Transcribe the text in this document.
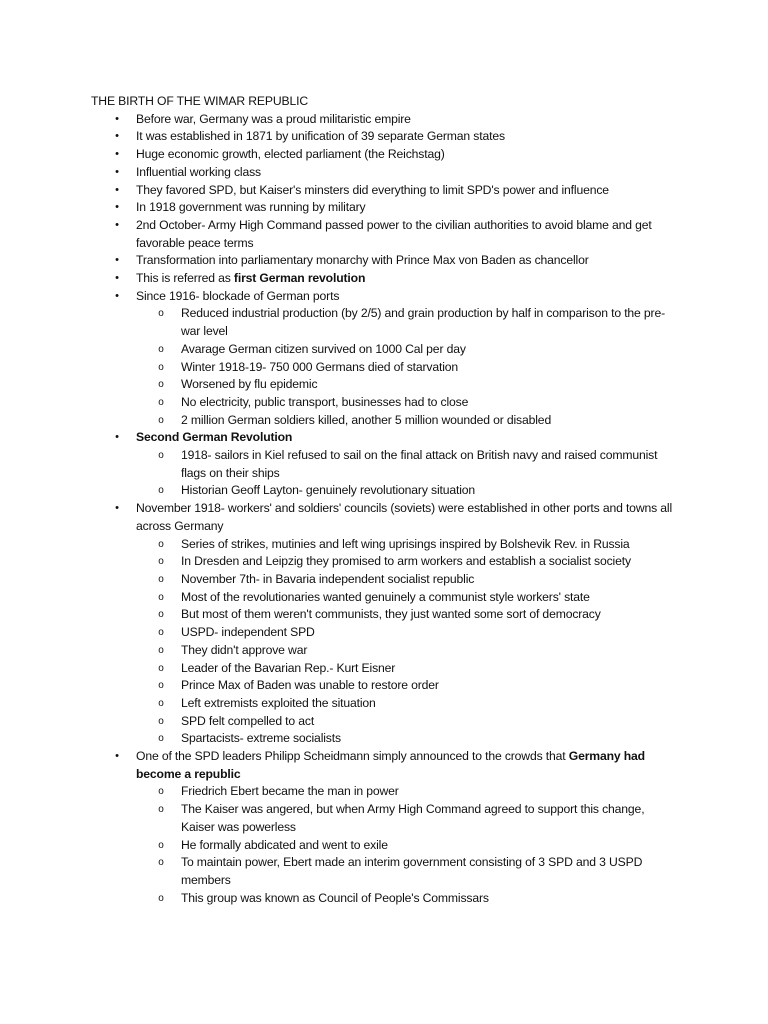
THE BIRTH OF THE WIMAR REPUBLIC
• Before war, Germany was a proud militaristic empire
• It was established in 1871 by unification of 39 separate German states
• Huge economic growth, elected parliament (the Reichstag)
• Influential working class
• They favored SPD, but Kaiser's minsters did everything to limit SPD's power and influence
• In 1918 government was running by military
• 2nd October- Army High Command passed power to the civilian authorities to avoid blame and get favorable peace terms
• Transformation into parliamentary monarchy with Prince Max von Baden as chancellor
• This is referred as first German revolution
• Since 1916- blockade of German ports
o Reduced industrial production (by 2/5) and grain production by half in comparison to the pre-war level
o Avarage German citizen survived on 1000 Cal per day
o Winter 1918-19- 750 000 Germans died of starvation
o Worsened by flu epidemic
o No electricity, public transport, businesses had to close
o 2 million German soldiers killed, another 5 million wounded or disabled
• Second German Revolution
o 1918- sailors in Kiel refused to sail on the final attack on British navy and raised communist flags on their ships
o Historian Geoff Layton- genuinely revolutionary situation
• November 1918- workers' and soldiers' councils (soviets) were established in other ports and towns all across Germany
o Series of strikes, mutinies and left wing uprisings inspired by Bolshevik Rev. in Russia
o In Dresden and Leipzig they promised to arm workers and establish a socialist society
o November 7th- in Bavaria independent socialist republic
o Most of the revolutionaries wanted genuinely a communist style workers' state
o But most of them weren't communists, they just wanted some sort of democracy
o USPD- independent SPD
o They didn't approve war
o Leader of the Bavarian Rep.- Kurt Eisner
o Prince Max of Baden was unable to restore order
o Left extremists exploited the situation
o SPD felt compelled to act
o Spartacists- extreme socialists
• One of the SPD leaders Philipp Scheidmann simply announced to the crowds that Germany had become a republic
o Friedrich Ebert became the man in power
o The Kaiser was angered, but when Army High Command agreed to support this change, Kaiser was powerless
o He formally abdicated and went to exile
o To maintain power, Ebert made an interim government consisting of 3 SPD and 3 USPD members
o This group was known as Council of People's Commissars
